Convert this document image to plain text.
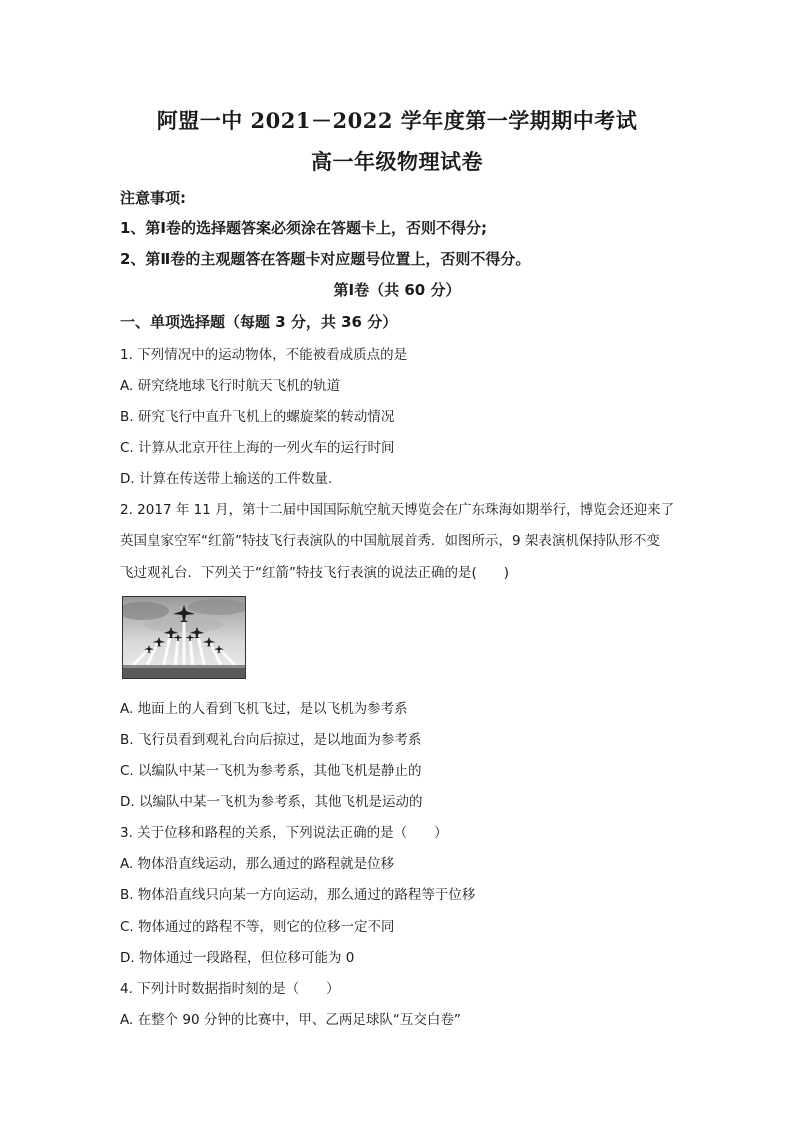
阿盟一中 2021－2022 学年度第一学期期中考试
高一年级物理试卷
注意事项:
1、第Ⅰ卷的选择题答案必须涂在答题卡上，否则不得分;
2、第Ⅱ卷的主观题答在答题卡对应题号位置上，否则不得分。
第Ⅰ卷（共 60 分）
一、单项选择题（每题 3 分，共 36 分）
1. 下列情况中的运动物体，不能被看成质点的是
A. 研究绕地球飞行时航天飞机的轨道
B. 研究飞行中直升飞机上的螺旋桨的转动情况
C. 计算从北京开往上海的一列火车的运行时间
D. 计算在传送带上输送的工件数量.
2. 2017 年 11 月，第十二届中国国际航空航天博览会在广东珠海如期举行，博览会还迎来了
英国皇家空军“红箭”特技飞行表演队的中国航展首秀．如图所示，9 架表演机保持队形不变
飞过观礼台．下列关于“红箭”特技飞行表演的说法正确的是(　　)
A. 地面上的人看到飞机飞过，是以飞机为参考系
B. 飞行员看到观礼台向后掠过，是以地面为参考系
C. 以编队中某一飞机为参考系，其他飞机是静止的
D. 以编队中某一飞机为参考系，其他飞机是运动的
3. 关于位移和路程的关系，下列说法正确的是（　　）
A. 物体沿直线运动，那么通过的路程就是位移
B. 物体沿直线只向某一方向运动，那么通过的路程等于位移
C. 物体通过的路程不等，则它的位移一定不同
D. 物体通过一段路程，但位移可能为 0
4. 下列计时数据指时刻的是（　　）
A. 在整个 90 分钟的比赛中，甲、乙两足球队“互交白卷”
